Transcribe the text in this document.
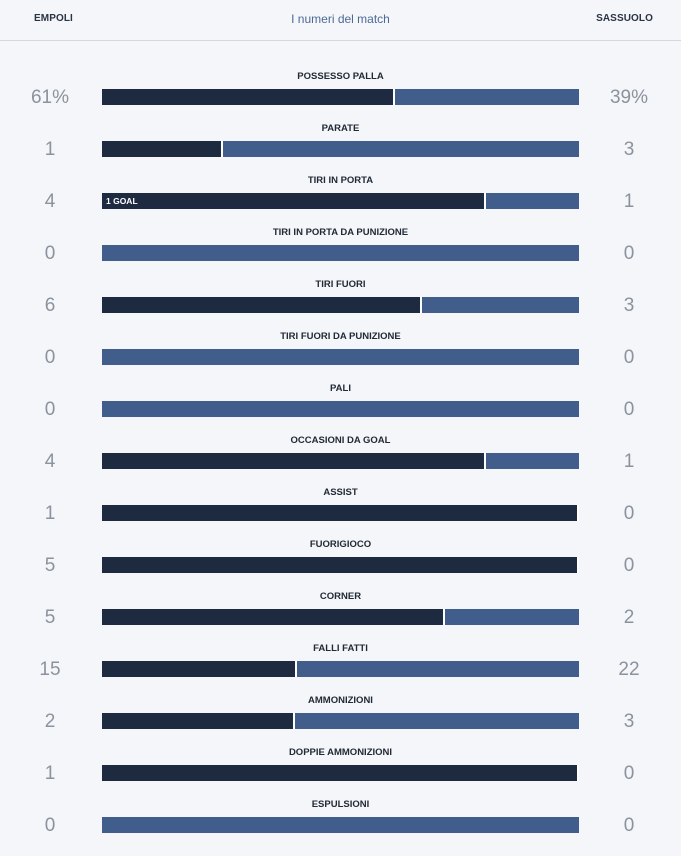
EMPOLI	I numeri del match	SASSUOLO
POSSESSO PALLA
61%	39%
PARATE
1	3
TIRI IN PORTA
4	1 GOAL	1
TIRI IN PORTA DA PUNIZIONE
0	0
TIRI FUORI
6	3
TIRI FUORI DA PUNIZIONE
0	0
PALI
0	0
OCCASIONI DA GOAL
4	1
ASSIST
1	0
FUORIGIOCO
5	0
CORNER
5	2
FALLI FATTI
15	22
AMMONIZIONI
2	3
DOPPIE AMMONIZIONI
1	0
ESPULSIONI
0	0
